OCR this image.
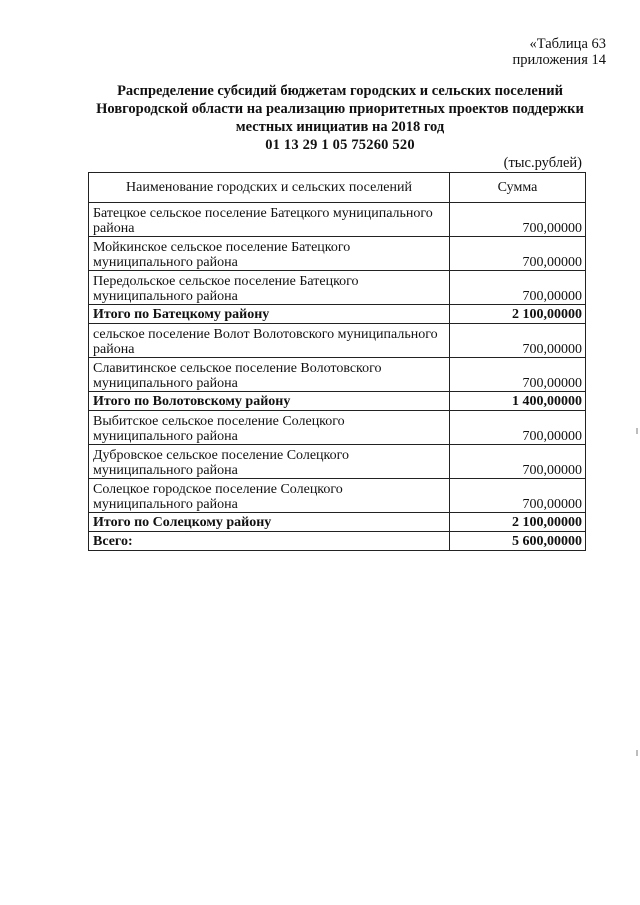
«Таблица 63
приложения 14
Распределение субсидий бюджетам городских и сельских поселений
Новгородской области на реализацию приоритетных проектов поддержки
местных инициатив на 2018 год
01 13 29 1 05 75260 520
(тыс.рублей)
Наименование городских и сельских поселений	Сумма
Батецкое сельское поселение Батецкого муниципального района	700,00000
Мойкинское сельское поселение Батецкого муниципального района	700,00000
Передольское сельское поселение Батецкого муниципального района	700,00000
Итого по Батецкому району	2 100,00000
сельское поселение Волот Волотовского муниципального района	700,00000
Славитинское сельское поселение Волотовского муниципального района	700,00000
Итого по Волотовскому району	1 400,00000
Выбитское сельское поселение Солецкого муниципального района	700,00000
Дубровское сельское поселение Солецкого муниципального района	700,00000
Солецкое городское поселение Солецкого муниципального района	700,00000
Итого по Солецкому району	2 100,00000
Всего:	5 600,00000
